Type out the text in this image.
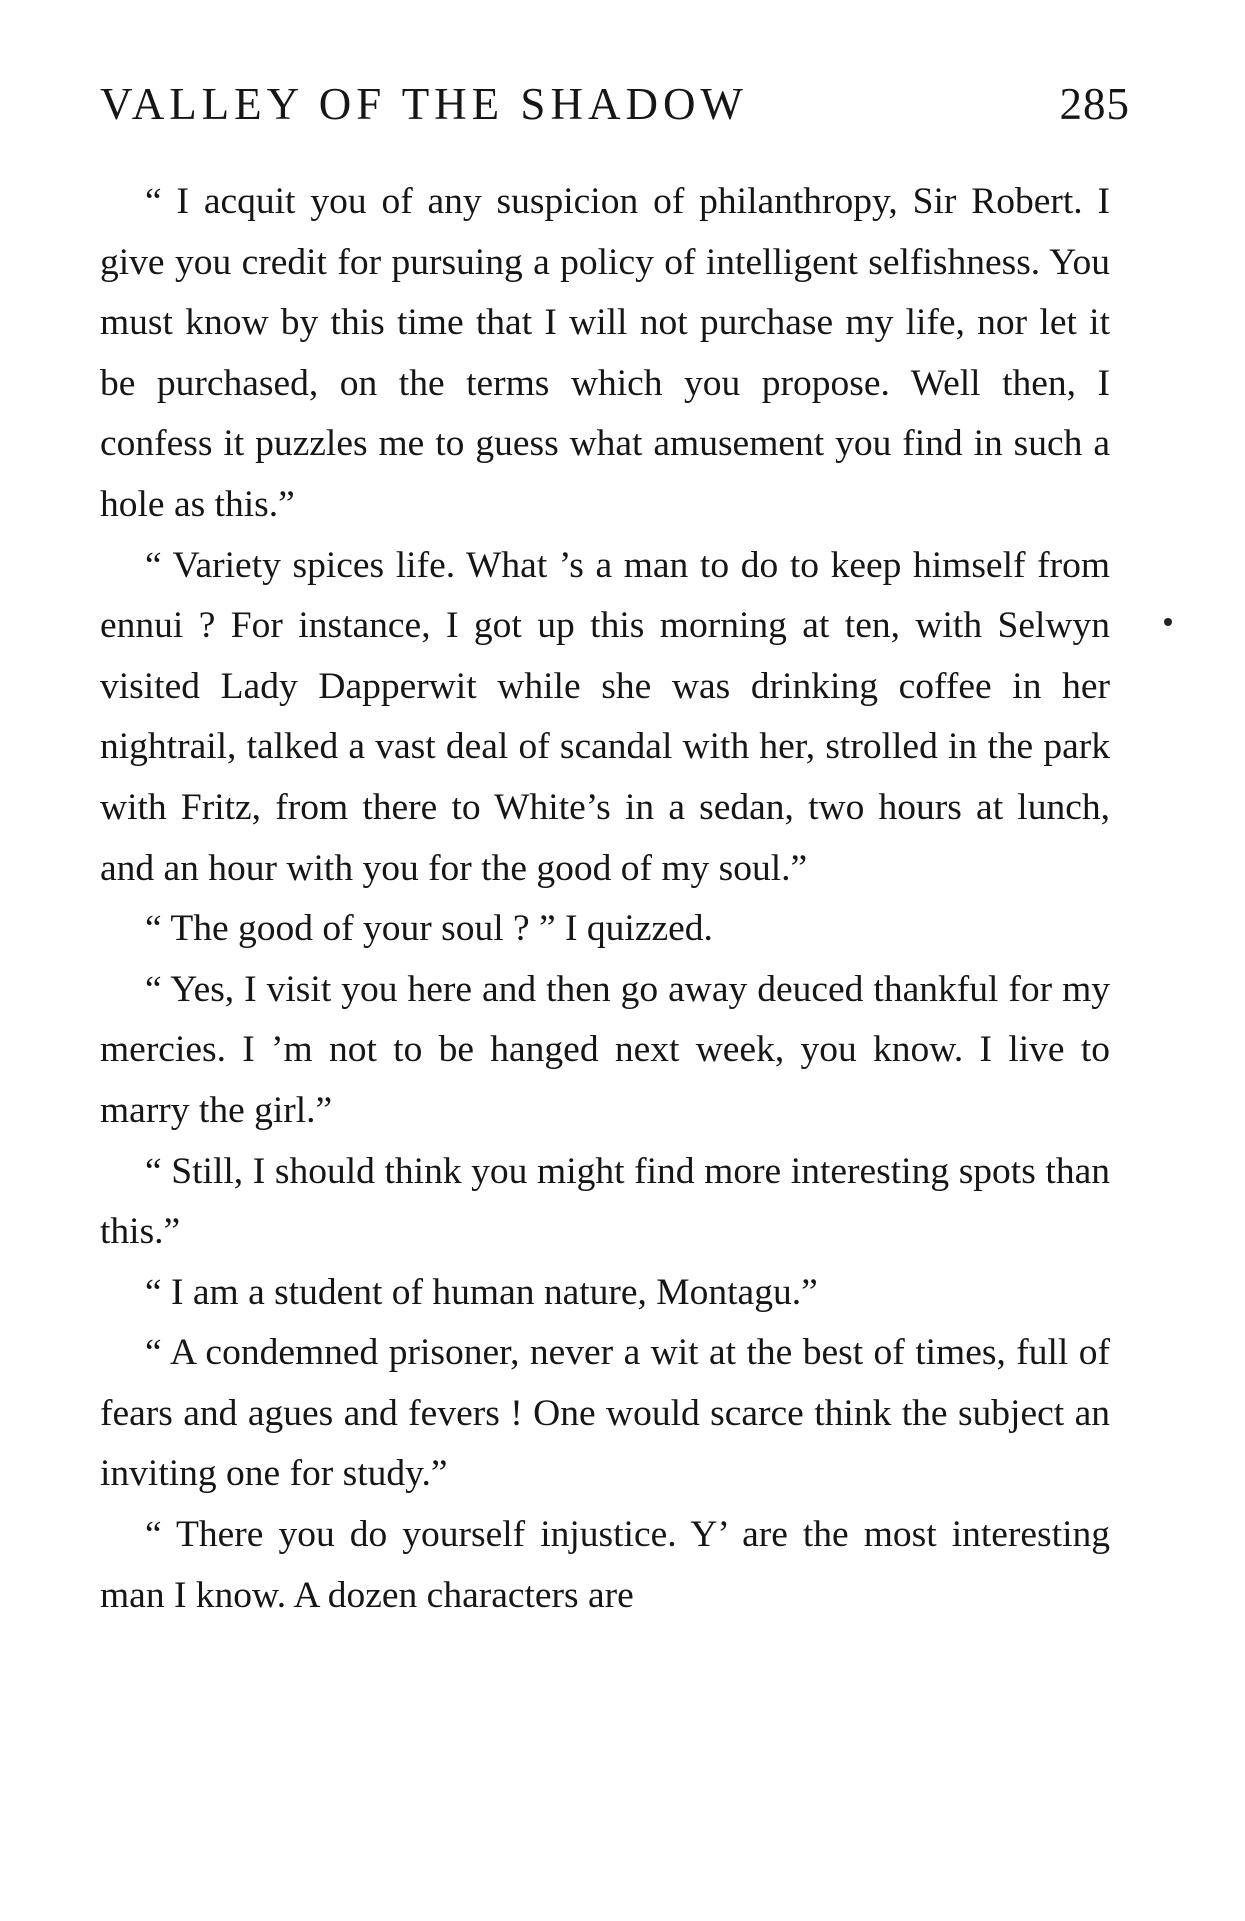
VALLEY OF THE SHADOW	285

“ I acquit you of any suspicion of philanthropy, Sir Robert. I give you credit for pursuing a policy of intelligent selfishness. You must know by this time that I will not purchase my life, nor let it be purchased, on the terms which you propose. Well then, I confess it puzzles me to guess what amusement you find in such a hole as this.”

“ Variety spices life. What ’s a man to do to keep himself from ennui ? For instance, I got up this morning at ten, with Selwyn visited Lady Dapperwit while she was drinking coffee in her nightrail, talked a vast deal of scandal with her, strolled in the park with Fritz, from there to White’s in a sedan, two hours at lunch, and an hour with you for the good of my soul.”

“ The good of your soul ? ” I quizzed.

“ Yes, I visit you here and then go away deuced thankful for my mercies. I ’m not to be hanged next week, you know. I live to marry the girl.”

“ Still, I should think you might find more interesting spots than this.”

“ I am a student of human nature, Montagu.”

“ A condemned prisoner, never a wit at the best of times, full of fears and agues and fevers ! One would scarce think the subject an inviting one for study.”

“ There you do yourself injustice. Y’ are the most interesting man I know. A dozen characters are
